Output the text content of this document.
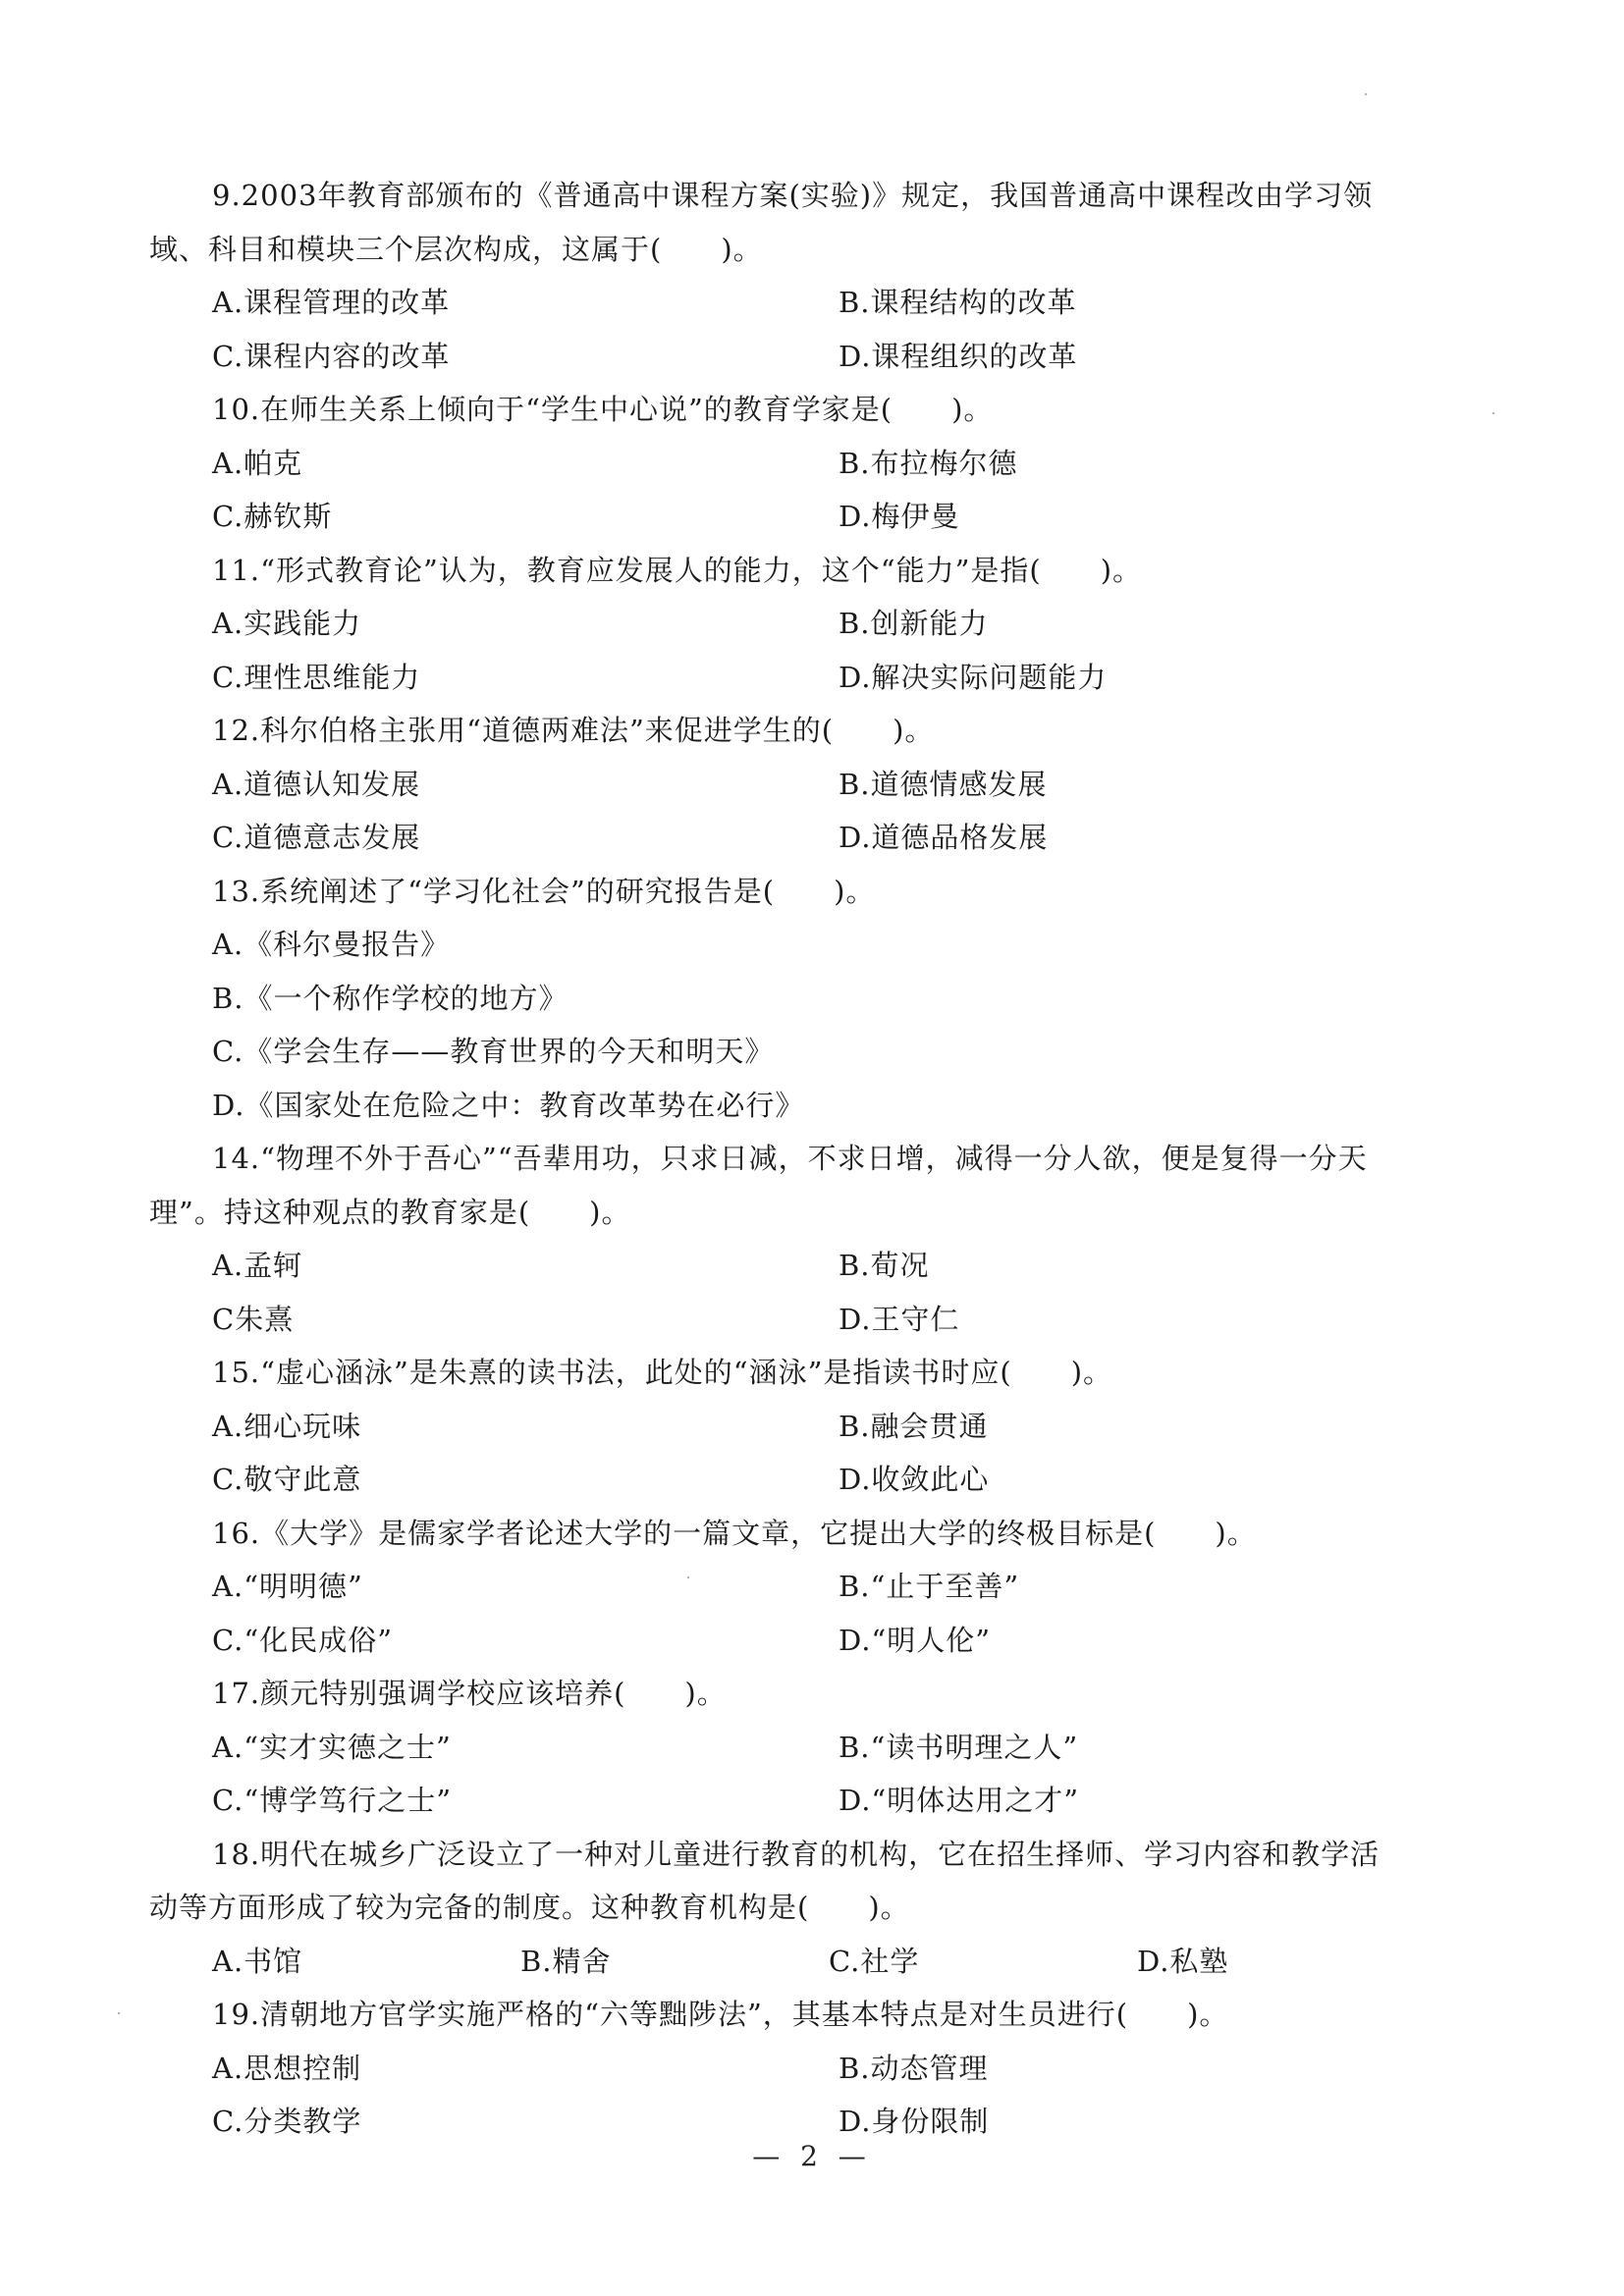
9.2003年教育部颁布的《普通高中课程方案(实验)》规定，我国普通高中课程改由学习领
域、科目和模块三个层次构成，这属于(　　)。
A.课程管理的改革	B.课程结构的改革
C.课程内容的改革	D.课程组织的改革
10.在师生关系上倾向于“学生中心说”的教育学家是(　　)。
A.帕克	B.布拉梅尔德
C.赫钦斯	D.梅伊曼
11.“形式教育论”认为，教育应发展人的能力，这个“能力”是指(　　)。
A.实践能力	B.创新能力
C.理性思维能力	D.解决实际问题能力
12.科尔伯格主张用“道德两难法”来促进学生的(　　)。
A.道德认知发展	B.道德情感发展
C.道德意志发展	D.道德品格发展
13.系统阐述了“学习化社会”的研究报告是(　　)。
A.《科尔曼报告》
B.《一个称作学校的地方》
C.《学会生存——教育世界的今天和明天》
D.《国家处在危险之中：教育改革势在必行》
14.“物理不外于吾心”“吾辈用功，只求日减，不求日增，减得一分人欲，便是复得一分天
理”。持这种观点的教育家是(　　)。
A.孟轲	B.荀况
C朱熹	D.王守仁
15.“虚心涵泳”是朱熹的读书法，此处的“涵泳”是指读书时应(　　)。
A.细心玩味	B.融会贯通
C.敬守此意	D.收敛此心
16.《大学》是儒家学者论述大学的一篇文章，它提出大学的终极目标是(　　)。
A.“明明德”	B.“止于至善”
C.“化民成俗”	D.“明人伦”
17.颜元特别强调学校应该培养(　　)。
A.“实才实德之士”	B.“读书明理之人”
C.“博学笃行之士”	D.“明体达用之才”
18.明代在城乡广泛设立了一种对儿童进行教育的机构，它在招生择师、学习内容和教学活
动等方面形成了较为完备的制度。这种教育机构是(　　)。
A.书馆	B.精舍	C.社学	D.私塾
19.清朝地方官学实施严格的“六等黜陟法”，其基本特点是对生员进行(　　)。
A.思想控制	B.动态管理
C.分类教学	D.身份限制
— 2 —
